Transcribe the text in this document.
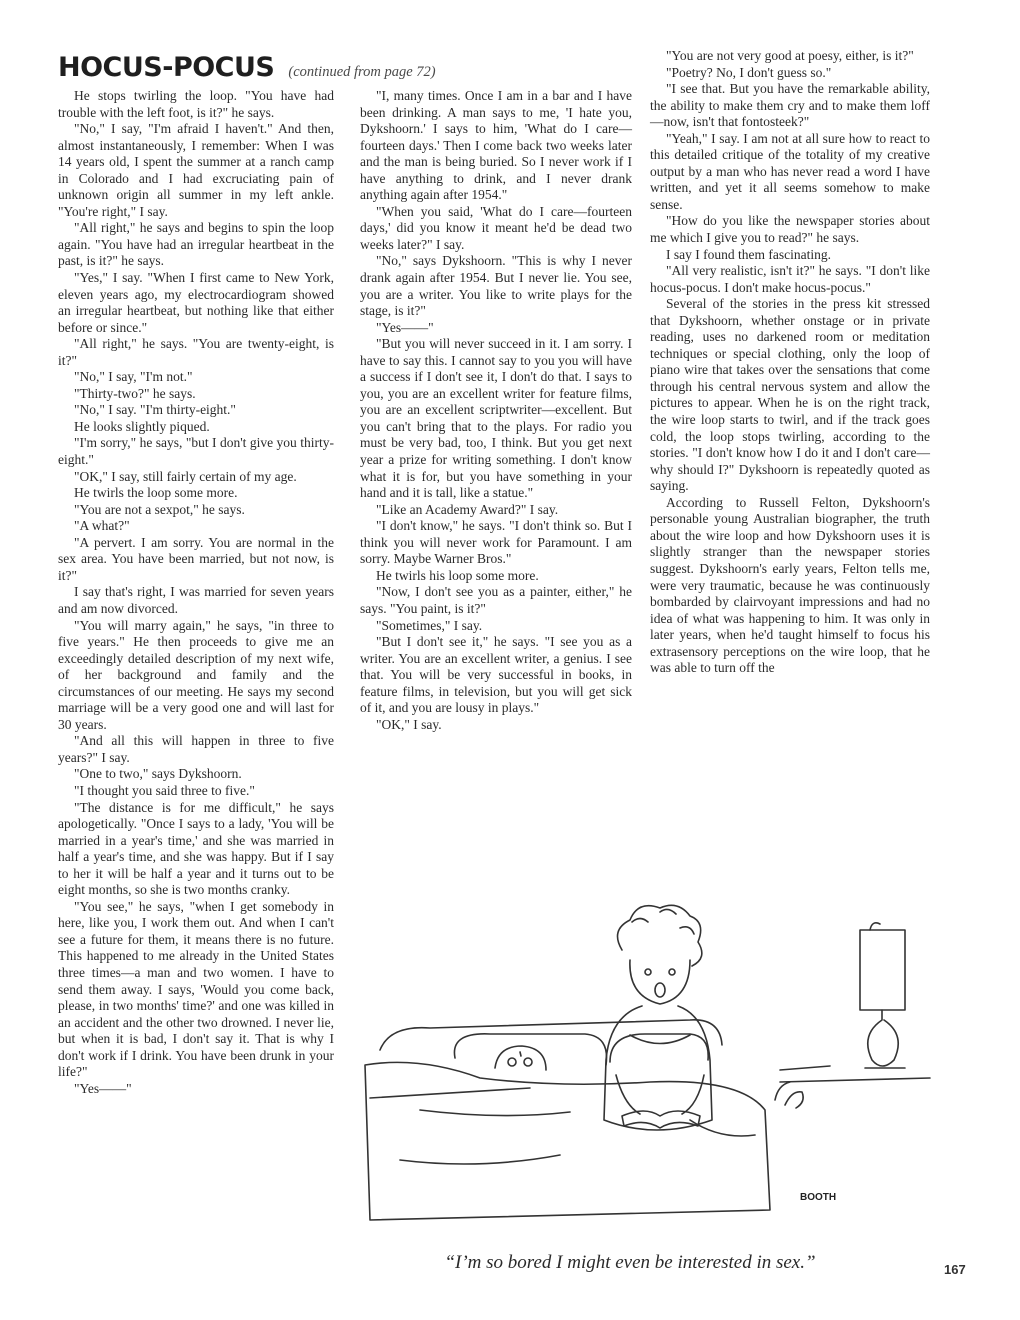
HOCUS-POCUS (continued from page 72)

He stops twirling the loop. "You have had trouble with the left foot, is it?" he says.

"No," I say, "I'm afraid I haven't." And then, almost instantaneously, I remember: When I was 14 years old, I spent the summer at a ranch camp in Colorado and I had excruciating pain of unknown origin all summer in my left ankle. "You're right," I say.

"All right," he says and begins to spin the loop again. "You have had an irregular heartbeat in the past, is it?" he says.

"Yes," I say. "When I first came to New York, eleven years ago, my electrocardiogram showed an irregular heartbeat, but nothing like that either before or since."

"All right," he says. "You are twenty-eight, is it?"

"No," I say, "I'm not."

"Thirty-two?" he says.

"No," I say. "I'm thirty-eight."

He looks slightly piqued.

"I'm sorry," he says, "but I don't give you thirty-eight."

"OK," I say, still fairly certain of my age.

He twirls the loop some more.

"You are not a sexpot," he says.

"A what?"

"A pervert. I am sorry. You are normal in the sex area. You have been married, but not now, is it?"

I say that's right, I was married for seven years and am now divorced.

"You will marry again," he says, "in three to five years." He then proceeds to give me an exceedingly detailed description of my next wife, of her background and family and the circumstances of our meeting. He says my second marriage will be a very good one and will last for 30 years.

"And all this will happen in three to five years?" I say.

"One to two," says Dykshoorn.

"I thought you said three to five."

"The distance is for me difficult," he says apologetically. "Once I says to a lady, 'You will be married in a year's time,' and she was married in half a year's time, and she was happy. But if I say to her it will be half a year and it turns out to be eight months, so she is two months cranky.

"You see," he says, "when I get somebody in here, like you, I work them out. And when I can't see a future for them, it means there is no future. This happened to me already in the United States three times—a man and two women. I have to send them away. I says, 'Would you come back, please, in two months' time?' and one was killed in an accident and the other two drowned. I never lie, but when it is bad, I don't say it. That is why I don't work if I drink. You have been drunk in your life?"

"Yes——"

"I, many times. Once I am in a bar and I have been drinking. A man says to me, 'I hate you, Dykshoorn.' I says to him, 'What do I care—fourteen days.' Then I come back two weeks later and the man is being buried. So I never work if I have anything to drink, and I never drank anything again after 1954."

"When you said, 'What do I care—fourteen days,' did you know it meant he'd be dead two weeks later?" I say.

"No," says Dykshoorn. "This is why I never drank again after 1954. But I never lie. You see, you are a writer. You like to write plays for the stage, is it?"

"Yes——"

"But you will never succeed in it. I am sorry. I have to say this. I cannot say to you you will have a success if I don't see it, I don't do that. I says to you, you are an excellent writer for feature films, you are an excellent scriptwriter—excellent. But you can't bring that to the plays. For radio you must be very bad, too, I think. But you get next year a prize for writing something. I don't know what it is for, but you have something in your hand and it is tall, like a statue."

"Like an Academy Award?" I say.

"I don't know," he says. "I don't think so. But I think you will never work for Paramount. I am sorry. Maybe Warner Bros."

He twirls his loop some more.

"Now, I don't see you as a painter, either," he says. "You paint, is it?"

"Sometimes," I say.

"But I don't see it," he says. "I see you as a writer. You are an excellent writer, a genius. I see that. You will be very successful in books, in feature films, in television, but you will get sick of it, and you are lousy in plays."

"OK," I say.

"You are not very good at poesy, either, is it?"

"Poetry? No, I don't guess so."

"I see that. But you have the remarkable ability, the ability to make them cry and to make them loff—now, isn't that fontosteek?"

"Yeah," I say. I am not at all sure how to react to this detailed critique of the totality of my creative output by a man who has never read a word I have written, and yet it all seems somehow to make sense.

"How do you like the newspaper stories about me which I give you to read?" he says.

I say I found them fascinating.

"All very realistic, isn't it?" he says. "I don't like hocus-pocus. I don't make hocus-pocus."

Several of the stories in the press kit stressed that Dykshoorn, whether onstage or in private reading, uses no darkened room or meditation techniques or special clothing, only the loop of piano wire that takes over the sensations that come through his central nervous system and allow the pictures to appear. When he is on the right track, the wire loop starts to twirl, and if the track goes cold, the loop stops twirling, according to the stories. "I don't know how I do it and I don't care—why should I?" Dykshoorn is repeatedly quoted as saying.

According to Russell Felton, Dykshoorn's personable young Australian biographer, the truth about the wire loop and how Dykshoorn uses it is slightly stranger than the newspaper stories suggest. Dykshoorn's early years, Felton tells me, were very traumatic, because he was continuously bombarded by clairvoyant impressions and had no idea of what was happening to him. It was only in later years, when he'd taught himself to focus his extrasensory perceptions on the wire loop, that he was able to turn off the

BOOTH
“I’m so bored I might even be interested in sex.”	167
